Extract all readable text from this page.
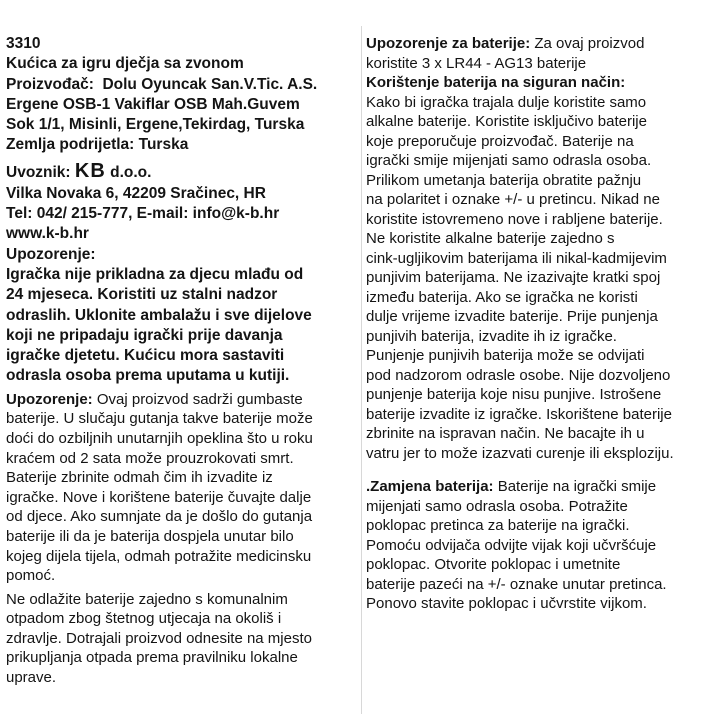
3310

Kućica za igru dječja sa zvonom

Proizvođač:  Dolu Oyuncak San.V.Tic. A.S.

Ergene OSB-1 Vakiflar OSB Mah.Guvem

Sok 1/1, Misinli, Ergene,Tekirdag, Turska

Zemlja podrijetla: Turska

Uvoznik: KB d.o.o.

Vilka Novaka 6, 42209 Sračinec, HR

Tel: 042/ 215-777, E-mail: info@k-b.hr

www.k-b.hr

Upozorenje:

Igračka nije prikladna za djecu mlađu od

24 mjeseca. Koristiti uz stalni nadzor

odraslih. Uklonite ambalažu i sve dijelove

koji ne pripadaju igrački prije davanja

igračke djetetu. Kućicu mora sastaviti

odrasla osoba prema uputama u kutiji.

Upozorenje: Ovaj proizvod sadrži gumbaste

baterije. U slučaju gutanja takve baterije može

doći do ozbiljnih unutarnjih opeklina što u roku

kraćem od 2 sata može prouzrokovati smrt.

Baterije zbrinite odmah čim ih izvadite iz

igračke. Nove i korištene baterije čuvajte dalje

od djece. Ako sumnjate da je došlo do gutanja

baterije ili da je baterija dospjela unutar bilo

kojeg dijela tijela, odmah potražite medicinsku

pomoć.

Ne odlažite baterije zajedno s komunalnim

otpadom zbog štetnog utjecaja na okoliš i

zdravlje. Dotrajali proizvod odnesite na mjesto

prikupljanja otpada prema pravilniku lokalne

uprave.

Upozorenje za baterije: Za ovaj proizvod

koristite 3 x LR44 - AG13 baterije

Korištenje baterija na siguran način:

Kako bi igračka trajala dulje koristite samo

alkalne baterije. Koristite isključivo baterije

koje preporučuje proizvođač. Baterije na

igrački smije mijenjati samo odrasla osoba.

Prilikom umetanja baterija obratite pažnju

na polaritet i oznake +/- u pretincu. Nikad ne

koristite istovremeno nove i rabljene baterije.

Ne koristite alkalne baterije zajedno s

cink-ugljikovim baterijama ili nikal-kadmijevim

punjivim baterijama. Ne izazivajte kratki spoj

između baterija. Ako se igračka ne koristi

dulje vrijeme izvadite baterije. Prije punjenja

punjivih baterija, izvadite ih iz igračke.

Punjenje punjivih baterija može se odvijati

pod nadzorom odrasle osobe. Nije dozvoljeno

punjenje baterija koje nisu punjive. Istrošene

baterije izvadite iz igračke. Iskorištene baterije

zbrinite na ispravan način. Ne bacajte ih u

vatru jer to može izazvati curenje ili eksploziju.

.Zamjena baterija: Baterije na igrački smije

mijenjati samo odrasla osoba. Potražite

poklopac pretinca za baterije na igrački.

Pomoću odvijača odvijte vijak koji učvršćuje

poklopac. Otvorite poklopac i umetnite

baterije pazeći na +/- oznake unutar pretinca.

Ponovo stavite poklopac i učvrstite vijkom.
